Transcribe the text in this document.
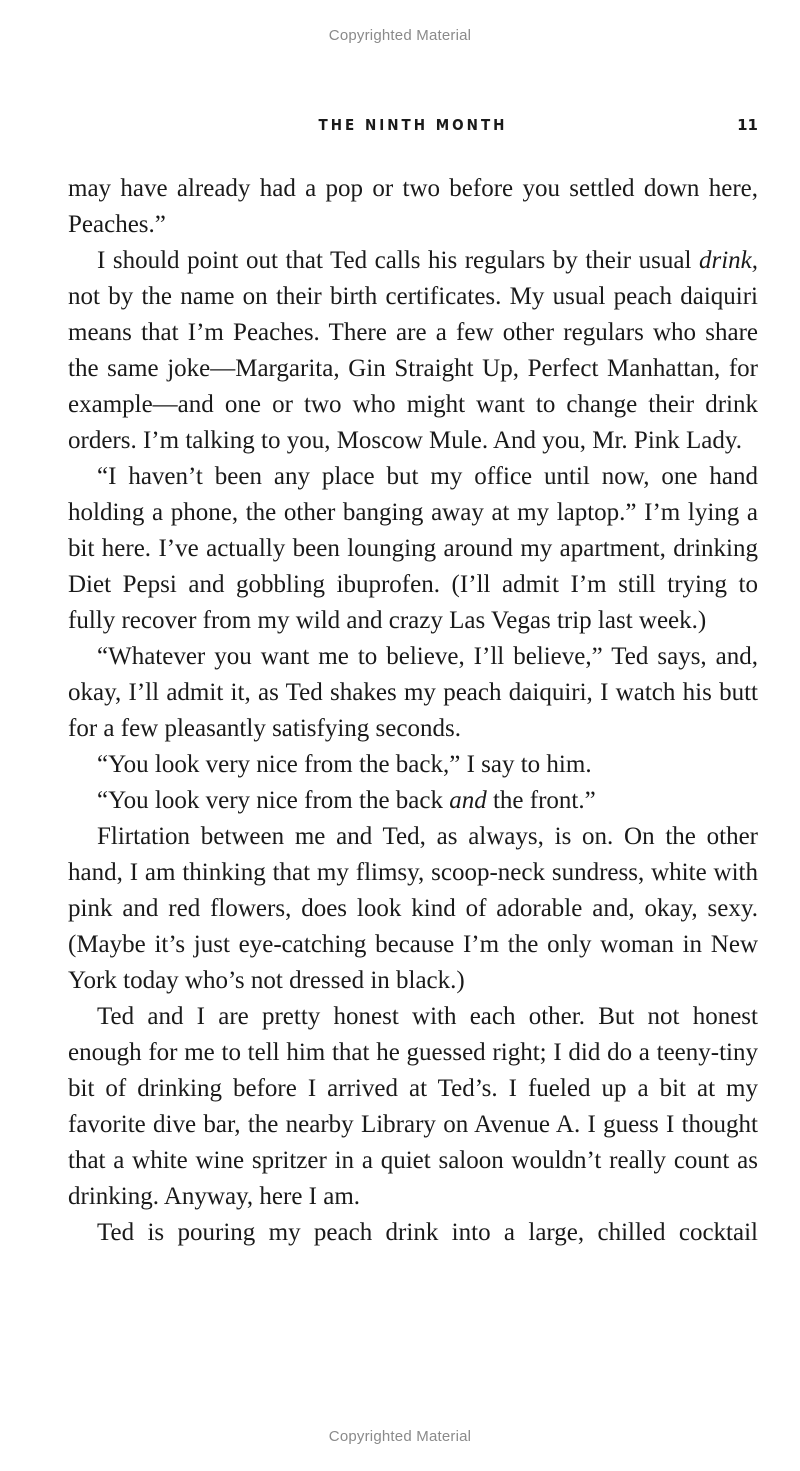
Copyrighted Material
THE NINTH MONTH	11

may have already had a pop or two before you settled down here, Peaches.”

I should point out that Ted calls his regulars by their usual drink, not by the name on their birth certificates. My usual peach daiquiri means that I’m Peaches. There are a few other regulars who share the same joke—Margarita, Gin Straight Up, Perfect Manhattan, for example—and one or two who might want to change their drink orders. I’m talking to you, Moscow Mule. And you, Mr. Pink Lady.

“I haven’t been any place but my office until now, one hand holding a phone, the other banging away at my laptop.” I’m lying a bit here. I’ve actually been lounging around my apartment, drinking Diet Pepsi and gobbling ibuprofen. (I’ll admit I’m still trying to fully recover from my wild and crazy Las Vegas trip last week.)

“Whatever you want me to believe, I’ll believe,” Ted says, and, okay, I’ll admit it, as Ted shakes my peach daiquiri, I watch his butt for a few pleasantly satisfying seconds.

“You look very nice from the back,” I say to him.

“You look very nice from the back and the front.”

Flirtation between me and Ted, as always, is on. On the other hand, I am thinking that my flimsy, scoop-neck sundress, white with pink and red flowers, does look kind of adorable and, okay, sexy. (Maybe it’s just eye-catching because I’m the only woman in New York today who’s not dressed in black.)

Ted and I are pretty honest with each other. But not honest enough for me to tell him that he guessed right; I did do a teeny-tiny bit of drinking before I arrived at Ted’s. I fueled up a bit at my favorite dive bar, the nearby Library on Avenue A. I guess I thought that a white wine spritzer in a quiet saloon wouldn’t really count as drinking. Anyway, here I am.

Ted is pouring my peach drink into a large, chilled cocktail

Copyrighted Material
